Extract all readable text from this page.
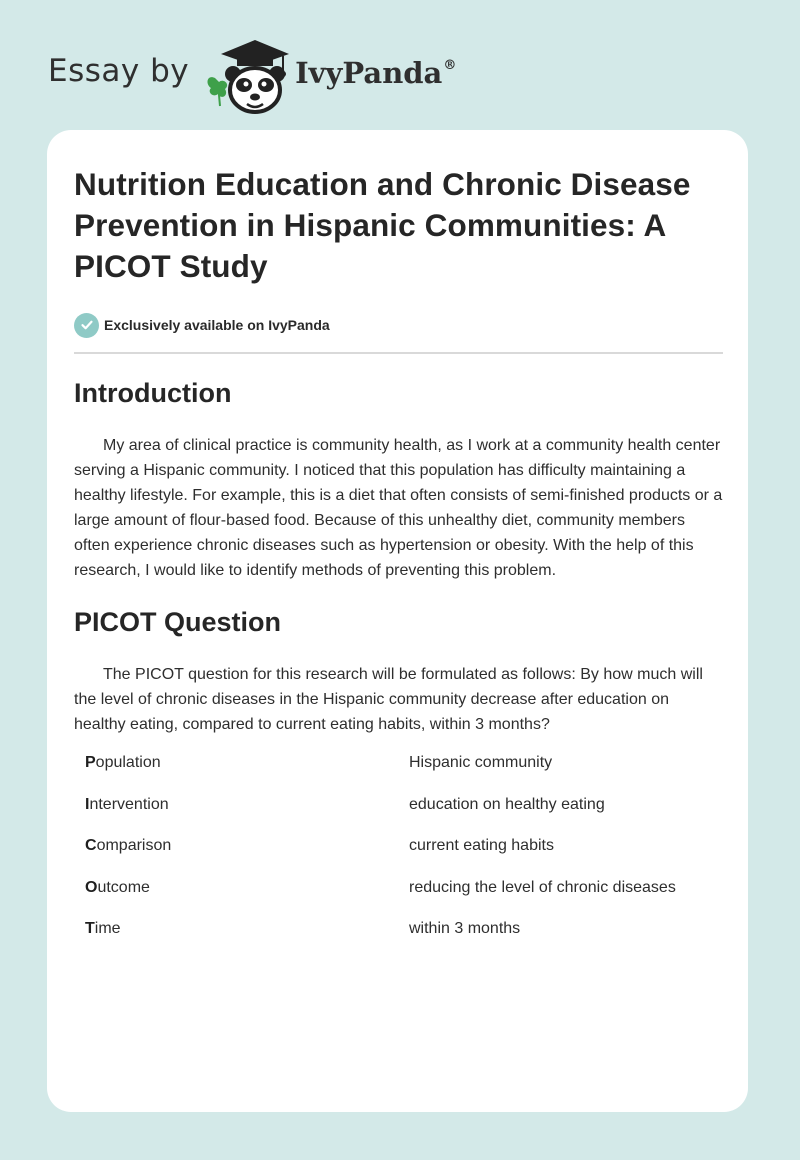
Essay by	IvyPanda®
Nutrition Education and Chronic Disease Prevention in Hispanic Communities: A PICOT Study
Exclusively available on IvyPanda
Introduction

My area of clinical practice is community health, as I work at a community health center serving a Hispanic community. I noticed that this population has difficulty maintaining a healthy lifestyle. For example, this is a diet that often consists of semi-finished products or a large amount of flour-based food. Because of this unhealthy diet, community members often experience chronic diseases such as hypertension or obesity. With the help of this research, I would like to identify methods of preventing this problem.

PICOT Question

The PICOT question for this research will be formulated as follows: By how much will the level of chronic diseases in the Hispanic community decrease after education on healthy eating, compared to current eating habits, within 3 months?

Population	Hispanic community
Intervention	education on healthy eating
Comparison	current eating habits
Outcome	reducing the level of chronic diseases
Time	within 3 months
